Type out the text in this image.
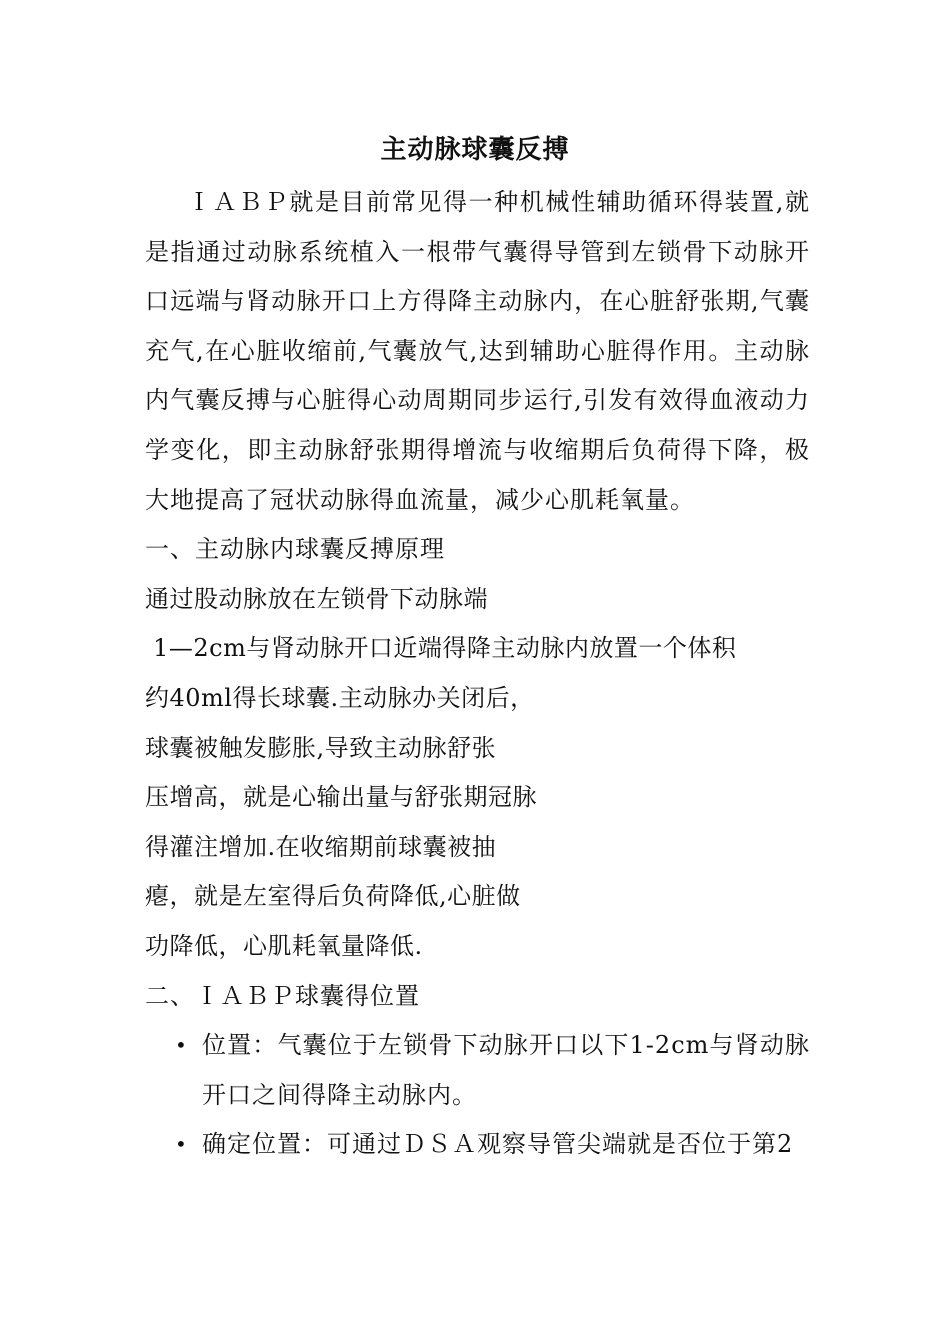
主动脉球囊反搏

ＩＡＢＰ就是目前常见得一种机械性辅助循环得装置,就是指通过动脉系统植入一根带气囊得导管到左锁骨下动脉开口远端与肾动脉开口上方得降主动脉内，在心脏舒张期,气囊充气,在心脏收缩前,气囊放气,达到辅助心脏得作用。主动脉内气囊反搏与心脏得心动周期同步运行,引发有效得血液动力学变化，即主动脉舒张期得增流与收缩期后负荷得下降，极大地提高了冠状动脉得血流量，减少心肌耗氧量。

一、主动脉内球囊反搏原理

通过股动脉放在左锁骨下动脉端

1—2cm与肾动脉开口近端得降主动脉内放置一个体积

约40ml得长球囊.主动脉办关闭后，

球囊被触发膨胀,导致主动脉舒张

压增高，就是心输出量与舒张期冠脉

得灌注增加.在收缩期前球囊被抽

瘪，就是左室得后负荷降低,心脏做

功降低，心肌耗氧量降低.

二、ＩＡＢＰ球囊得位置

• 位置：气囊位于左锁骨下动脉开口以下1-2cm与肾动脉开口之间得降主动脉内。
• 确定位置：可通过ＤＳＡ观察导管尖端就是否位于第2
